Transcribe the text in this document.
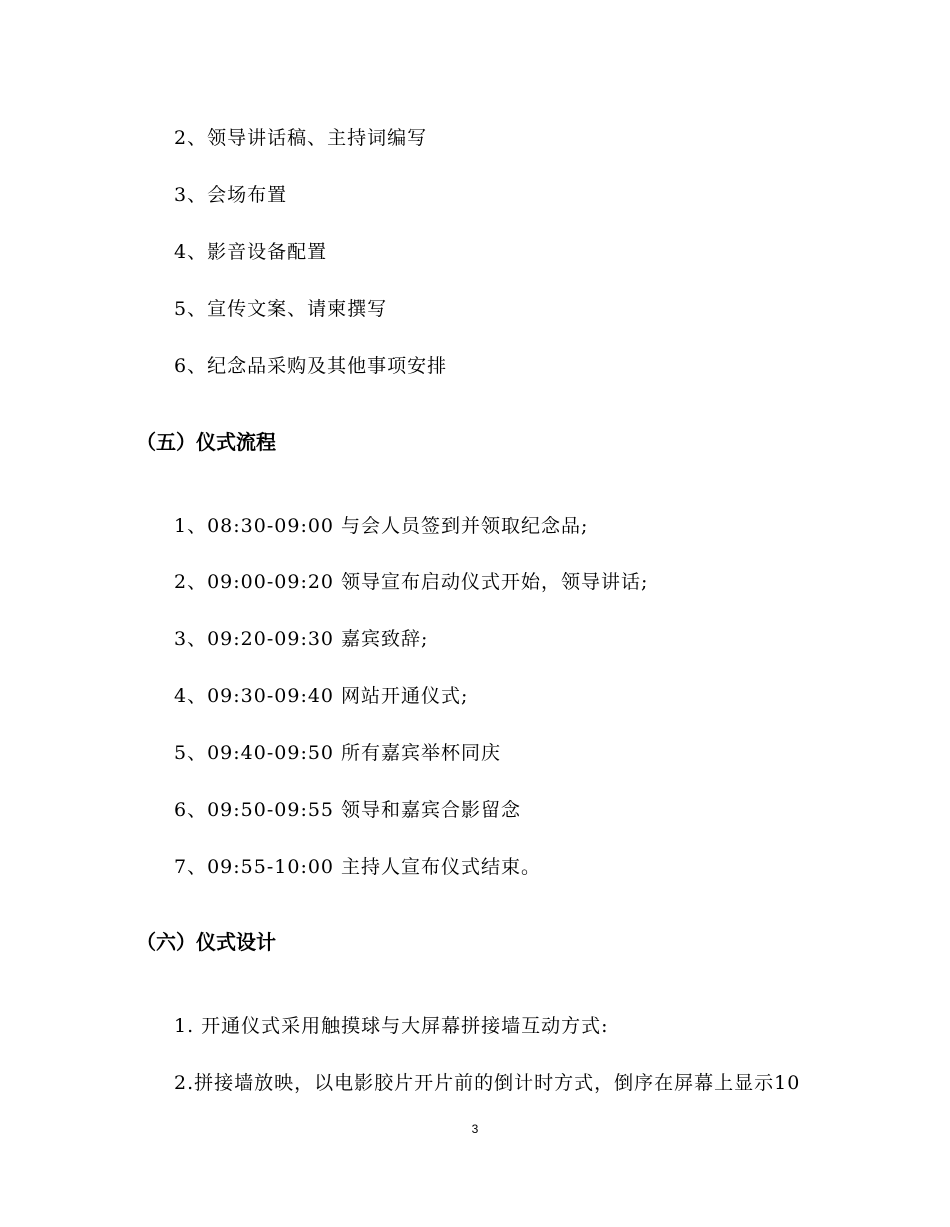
2、领导讲话稿、主持词编写
3、会场布置
4、影音设备配置
5、宣传文案、请柬撰写
6、纪念品采购及其他事项安排
（五）仪式流程
1、08:30-09:00 与会人员签到并领取纪念品;
2、09:00-09:20 领导宣布启动仪式开始，领导讲话;
3、09:20-09:30 嘉宾致辞;
4、09:30-09:40 网站开通仪式;
5、09:40-09:50 所有嘉宾举杯同庆
6、09:50-09:55 领导和嘉宾合影留念
7、09:55-10:00 主持人宣布仪式结束。
（六）仪式设计
1. 开通仪式采用触摸球与大屏幕拼接墙互动方式:
2.拼接墙放映，以电影胶片开片前的倒计时方式，倒序在屏幕上显示10
3
